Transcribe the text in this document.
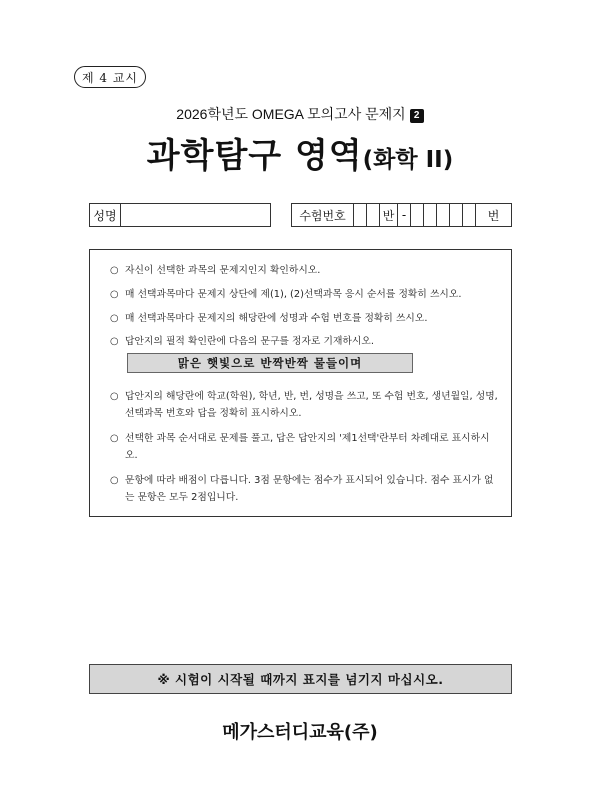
제 4 교시
2026학년도 OMEGA 모의고사 문제지 2
과학탐구 영역(화학 II)
성명	수험번호	반 -	번
○ 자신이 선택한 과목의 문제지인지 확인하시오.
○ 매 선택과목마다 문제지 상단에 제(1), (2)선택과목 응시 순서를 정확히 쓰시오.
○ 매 선택과목마다 문제지의 해당란에 성명과 수험 번호를 정확히 쓰시오.
○ 답안지의 필적 확인란에 다음의 문구를 정자로 기재하시오.
맑은 햇빛으로 반짝반짝 물들이며
○ 답안지의 해당란에 학교(학원), 학년, 반, 번, 성명을 쓰고, 또 수험 번호, 생년월일, 성명, 선택과목 번호와 답을 정확히 표시하시오.
○ 선택한 과목 순서대로 문제를 풀고, 답은 답안지의 '제1선택'란부터 차례대로 표시하시오.
○ 문항에 따라 배점이 다릅니다. 3점 문항에는 점수가 표시되어 있습니다. 점수 표시가 없는 문항은 모두 2점입니다.
※ 시험이 시작될 때까지 표지를 넘기지 마십시오.
메가스터디교육(주)
